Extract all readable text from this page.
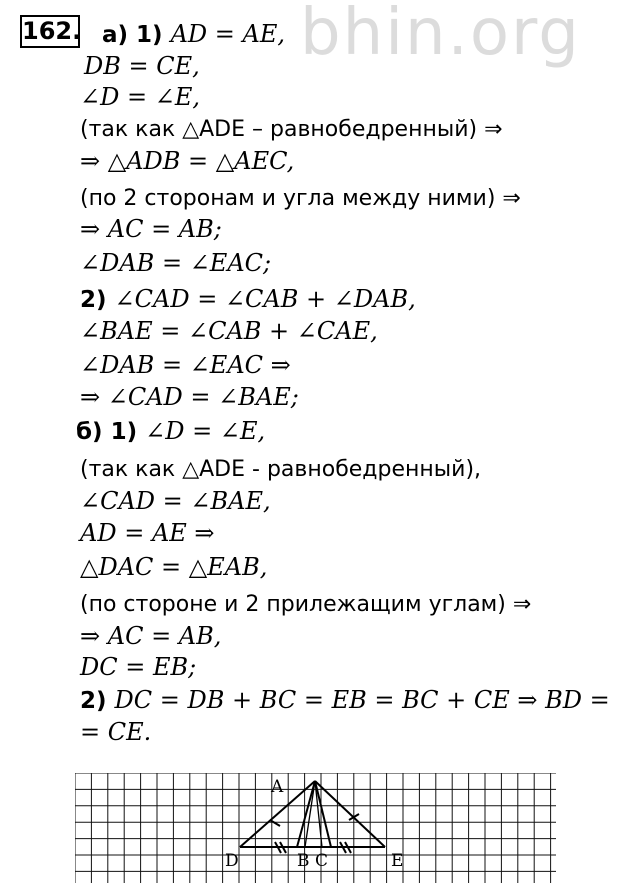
bhin.org
162. а) 1) AD = AE,
DB = CE,
∠D = ∠E,
(так как △ADE – равнобедренный) ⇒
⇒ △ADB = △AEC,
(по 2 сторонам и угла между ними) ⇒
⇒ AC = AB;
∠DAB = ∠EAC;
2) ∠CAD = ∠CAB + ∠DAB,
∠BAE = ∠CAB + ∠CAE,
∠DAB = ∠EAC ⇒
⇒ ∠CAD = ∠BAE;
б) 1) ∠D = ∠E,
(так как △ADE - равнобедренный),
∠CAD = ∠BAE,
AD = AE ⇒
△DAC = △EAB,
(по стороне и 2 прилежащим углам) ⇒
⇒ AC = AB,
DC = EB;
2) DC = DB + BC = EB = BC + CE ⇒ BD =
= CE.
A
D	B C	E
